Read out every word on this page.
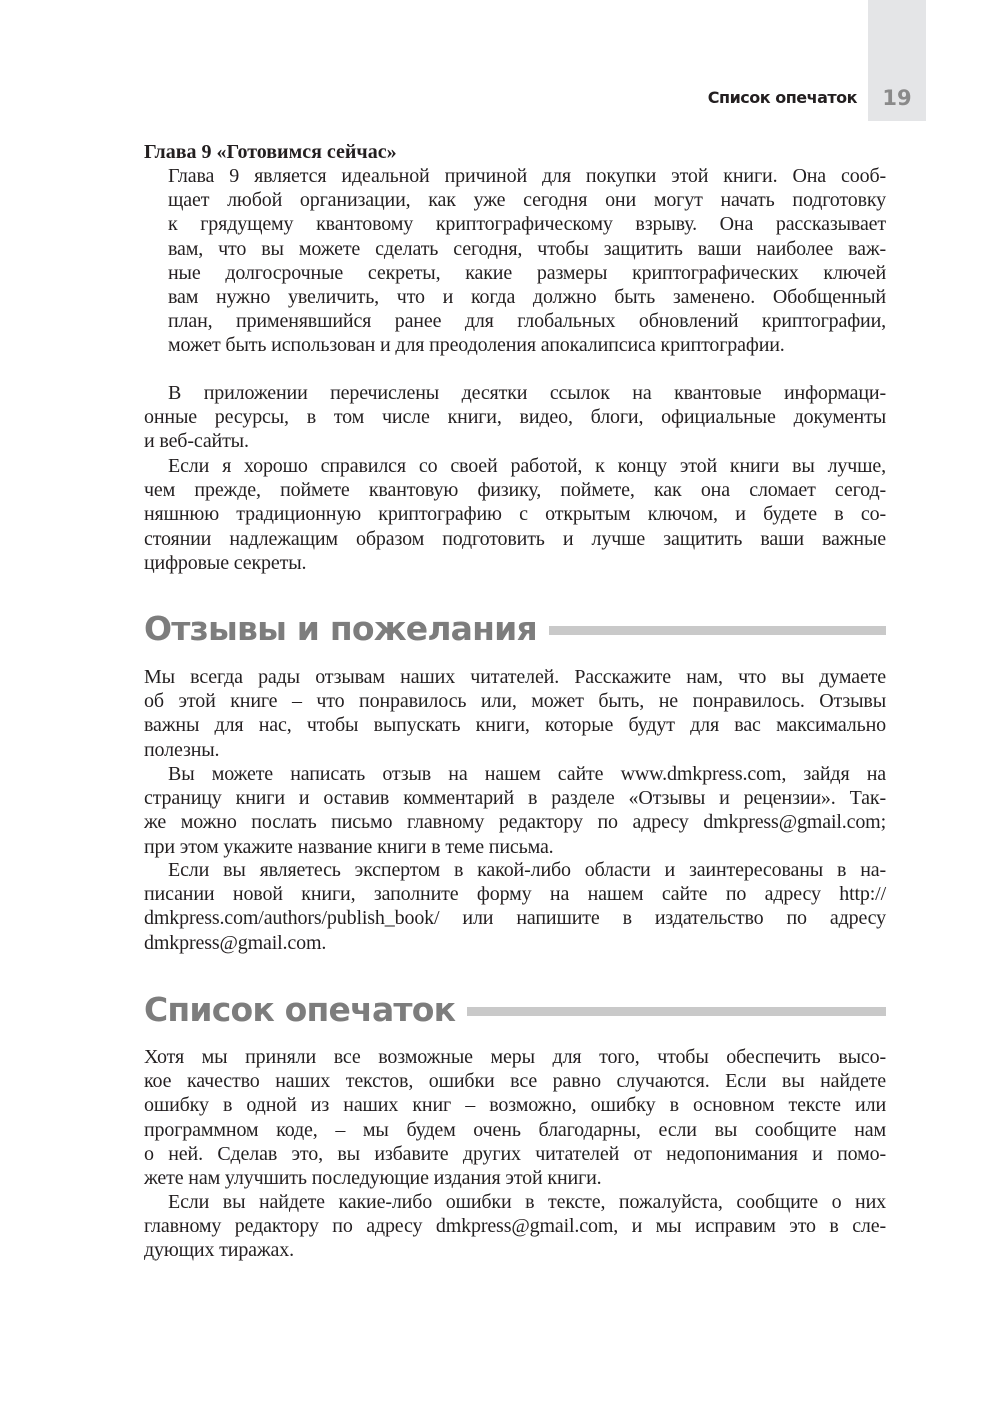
19
Список опечаток
Глава 9 «Готовимся сейчас»
Глава 9 является идеальной причиной для покупки этой книги. Она сооб-
щает любой организации, как уже сегодня они могут начать подготовку
к грядущему квантовому криптографическому взрыву. Она рассказывает
вам, что вы можете сделать сегодня, чтобы защитить ваши наиболее важ-
ные долгосрочные секреты, какие размеры криптографических ключей
вам нужно увеличить, что и когда должно быть заменено. Обобщенный
план, применявшийся ранее для глобальных обновлений криптографии,
может быть использован и для преодоления апокалипсиса криптографии.
В приложении перечислены десятки ссылок на квантовые информаци-
онные ресурсы, в том числе книги, видео, блоги, официальные документы
и веб-сайты.
Если я хорошо справился со своей работой, к концу этой книги вы лучше,
чем прежде, поймете квантовую физику, поймете, как она сломает сегод-
няшнюю традиционную криптографию с открытым ключом, и будете в со-
стоянии надлежащим образом подготовить и лучше защитить ваши важные
цифровые секреты.
Отзывы и пожелания
Мы всегда рады отзывам наших читателей. Расскажите нам, что вы думаете
об этой книге – что понравилось или, может быть, не понравилось. Отзывы
важны для нас, чтобы выпускать книги, которые будут для вас максимально
полезны.
Вы можете написать отзыв на нашем сайте www.dmkpress.com, зайдя на
страницу книги и оставив комментарий в разделе «Отзывы и рецензии». Так-
же можно послать письмо главному редактору по адресу dmkpress@gmail.com;
при этом укажите название книги в теме письма.
Если вы являетесь экспертом в какой-либо области и заинтересованы в на-
писании новой книги, заполните форму на нашем сайте по адресу http://
dmkpress.com/authors/publish_book/ или напишите в издательство по адресу
dmkpress@gmail.com.
Список опечаток
Хотя мы приняли все возможные меры для того, чтобы обеспечить высо-
кое качество наших текстов, ошибки все равно случаются. Если вы найдете
ошибку в одной из наших книг – возможно, ошибку в основном тексте или
программном коде, – мы будем очень благодарны, если вы сообщите нам
о ней. Сделав это, вы избавите других читателей от недопонимания и помо-
жете нам улучшить последующие издания этой книги.
Если вы найдете какие-либо ошибки в тексте, пожалуйста, сообщите о них
главному редактору по адресу dmkpress@gmail.com, и мы исправим это в сле-
дующих тиражах.
